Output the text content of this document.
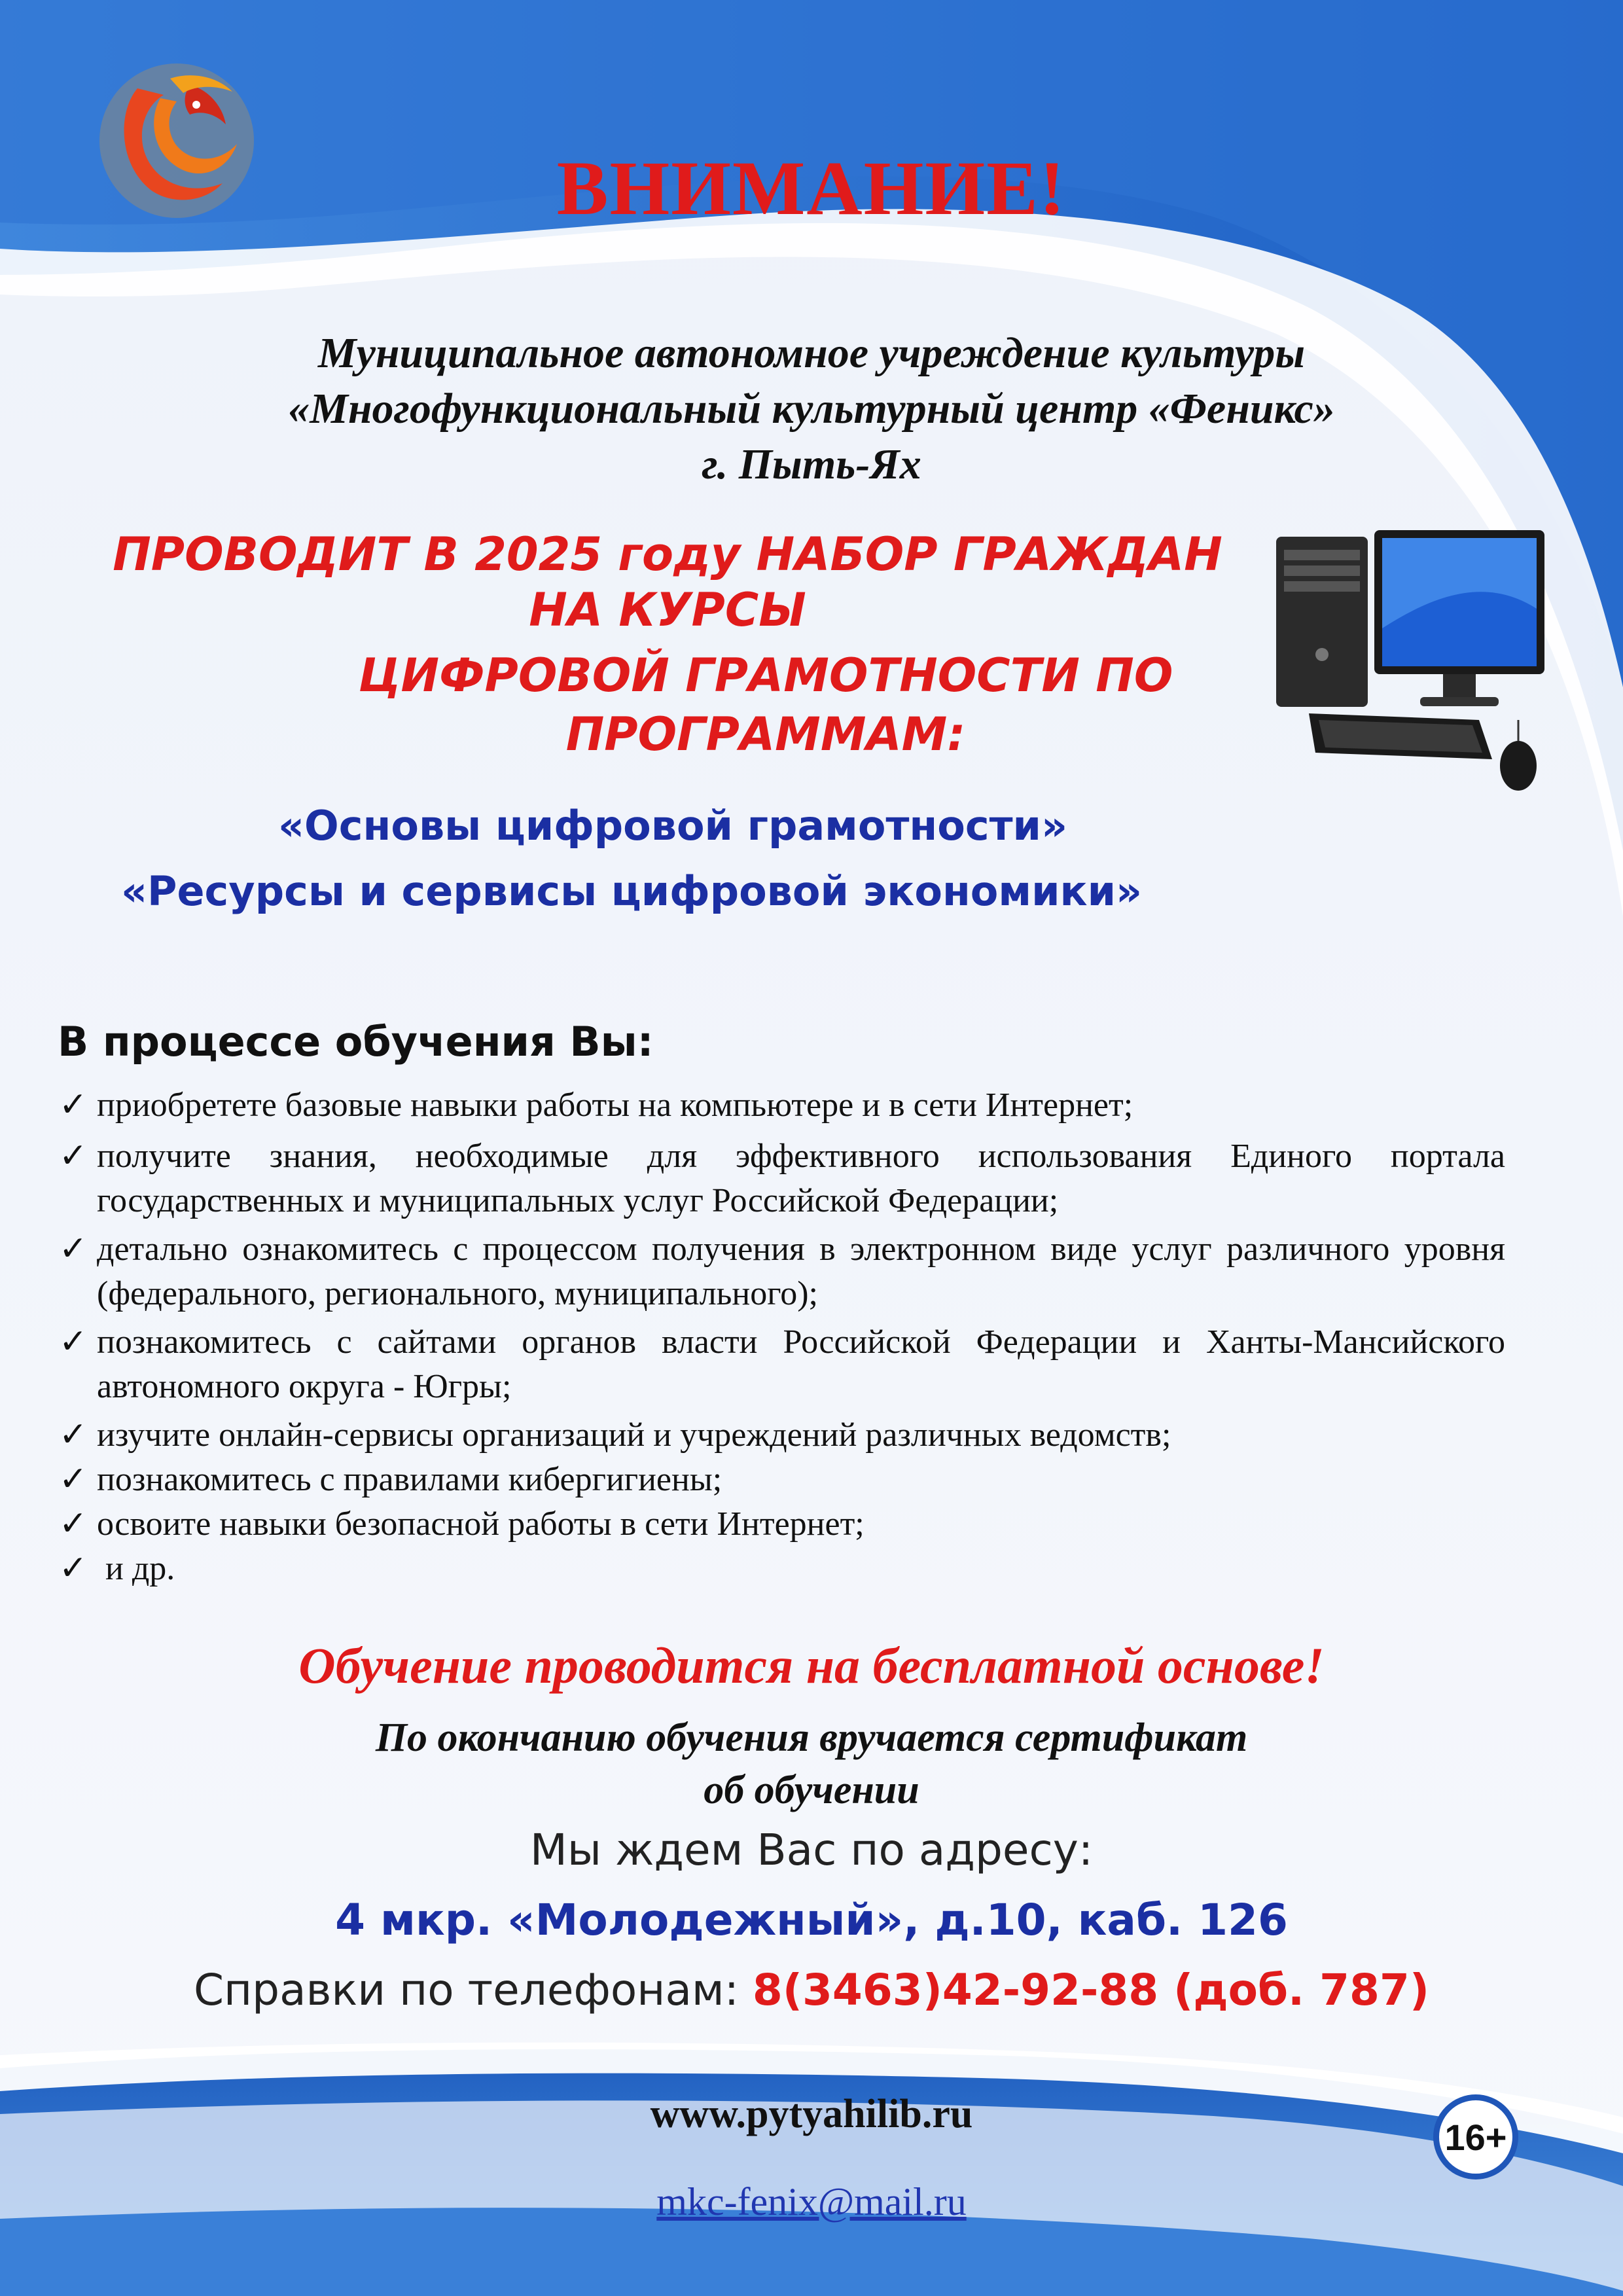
ВНИМАНИЕ!
Муниципальное автономное учреждение культуры
«Многофункциональный культурный центр «Феникс»
г. Пыть-Ях
ПРОВОДИТ В 2025 году НАБОР ГРАЖДАН
НА КУРСЫ
ЦИФРОВОЙ ГРАМОТНОСТИ ПО
ПРОГРАММАМ:
«Основы цифровой грамотности»
«Ресурсы и сервисы цифровой экономики»
В процессе обучения Вы:
✓ приобретете базовые навыки работы на компьютере и в сети Интернет;
✓ получите знания, необходимые для эффективного использования Единого портала государственных и муниципальных услуг Российской Федерации;
✓ детально ознакомитесь с процессом получения в электронном виде услуг различного уровня (федерального, регионального, муниципального);
✓ познакомитесь с сайтами органов власти Российской Федерации и Ханты-Мансийского автономного округа - Югры;
✓ изучите онлайн-сервисы организаций и учреждений различных ведомств;
✓ познакомитесь с правилами кибергигиены;
✓ освоите навыки безопасной работы в сети Интернет;
✓ и др.
Обучение проводится на бесплатной основе!
По окончанию обучения вручается сертификат
об обучении
Мы ждем Вас по адресу:
4 мкр. «Молодежный», д.10, каб. 126
Справки по телефонам: 8(3463)42-92-88 (доб. 787)
www.pytyahilib.ru
mkc-fenix@mail.ru
16+
